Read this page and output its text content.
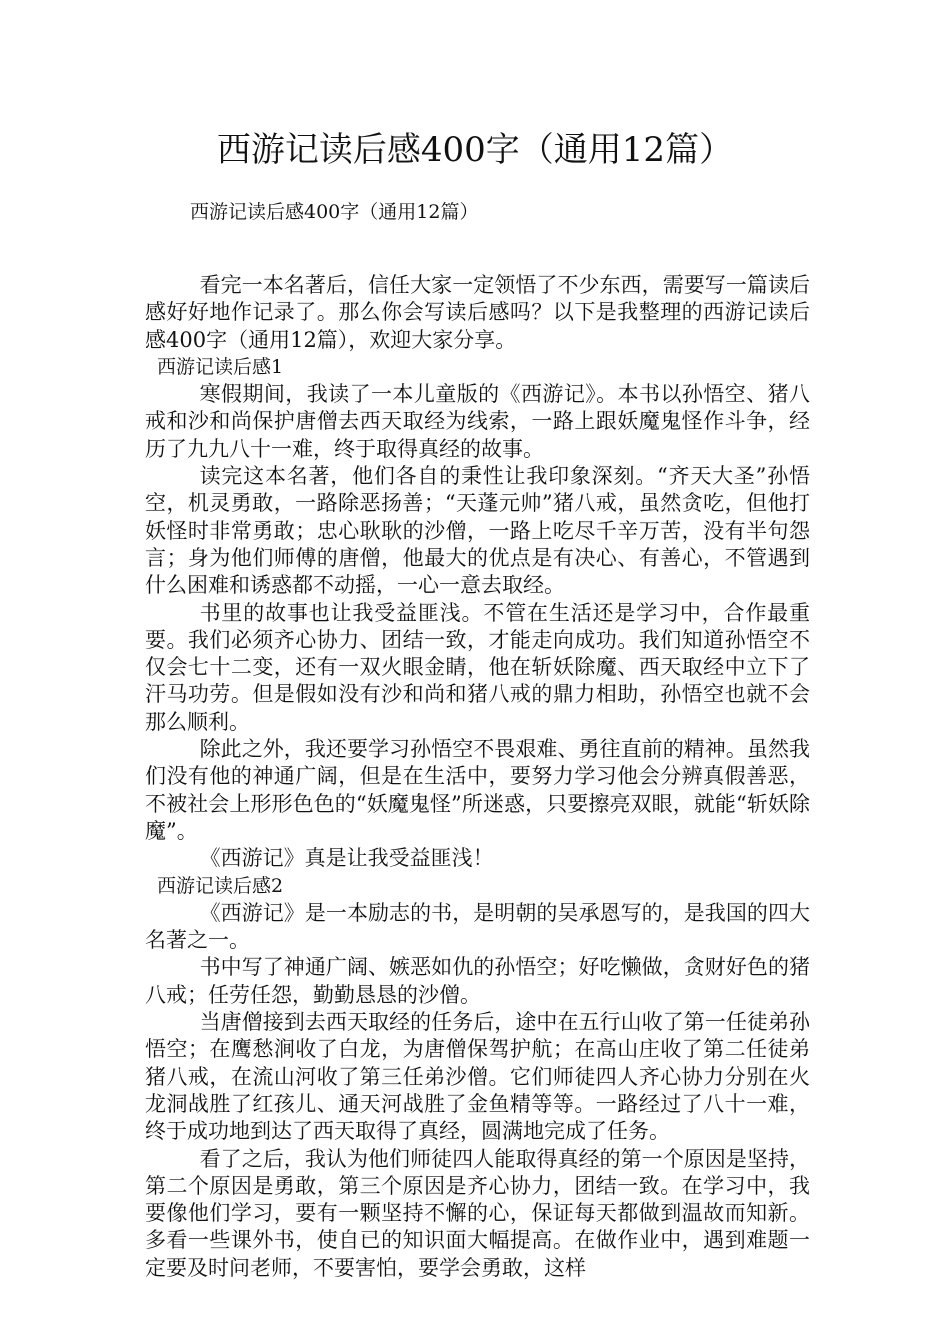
西游记读后感400字（通用12篇）
西游记读后感400字（通用12篇）

看完一本名著后，信任大家一定领悟了不少东西，需要写一篇读后感好好地作记录了。那么你会写读后感吗？以下是我整理的西游记读后感400字（通用12篇），欢迎大家分享。

西游记读后感1

寒假期间，我读了一本儿童版的《西游记》。本书以孙悟空、猪八戒和沙和尚保护唐僧去西天取经为线索，一路上跟妖魔鬼怪作斗争，经历了九九八十一难，终于取得真经的故事。

读完这本名著，他们各自的秉性让我印象深刻。“齐天大圣”孙悟空，机灵勇敢，一路除恶扬善；“天蓬元帅”猪八戒，虽然贪吃，但他打妖怪时非常勇敢；忠心耿耿的沙僧，一路上吃尽千辛万苦，没有半句怨言；身为他们师傅的唐僧，他最大的优点是有决心、有善心，不管遇到什么困难和诱惑都不动摇，一心一意去取经。

书里的故事也让我受益匪浅。不管在生活还是学习中，合作最重要。我们必须齐心协力、团结一致，才能走向成功。我们知道孙悟空不仅会七十二变，还有一双火眼金睛，他在斩妖除魔、西天取经中立下了汗马功劳。但是假如没有沙和尚和猪八戒的鼎力相助，孙悟空也就不会那么顺利。

除此之外，我还要学习孙悟空不畏艰难、勇往直前的精神。虽然我们没有他的神通广阔，但是在生活中，要努力学习他会分辨真假善恶，不被社会上形形色色的“妖魔鬼怪”所迷惑，只要擦亮双眼，就能“斩妖除魔”。

《西游记》真是让我受益匪浅！

西游记读后感2

《西游记》是一本励志的书，是明朝的吴承恩写的，是我国的四大名著之一。

书中写了神通广阔、嫉恶如仇的孙悟空；好吃懒做，贪财好色的猪八戒；任劳任怨，勤勤恳恳的沙僧。

当唐僧接到去西天取经的任务后，途中在五行山收了第一任徒弟孙悟空；在鹰愁涧收了白龙，为唐僧保驾护航；在高山庄收了第二任徒弟猪八戒，在流山河收了第三任弟沙僧。它们师徒四人齐心协力分别在火龙洞战胜了红孩儿、通天河战胜了金鱼精等等。一路经过了八十一难，终于成功地到达了西天取得了真经，圆满地完成了任务。

看了之后，我认为他们师徒四人能取得真经的第一个原因是坚持，第二个原因是勇敢，第三个原因是齐心协力，团结一致。在学习中，我要像他们学习，要有一颗坚持不懈的心，保证每天都做到温故而知新。多看一些课外书，使自已的知识面大幅提高。在做作业中，遇到难题一定要及时问老师，不要害怕，要学会勇敢，这样
